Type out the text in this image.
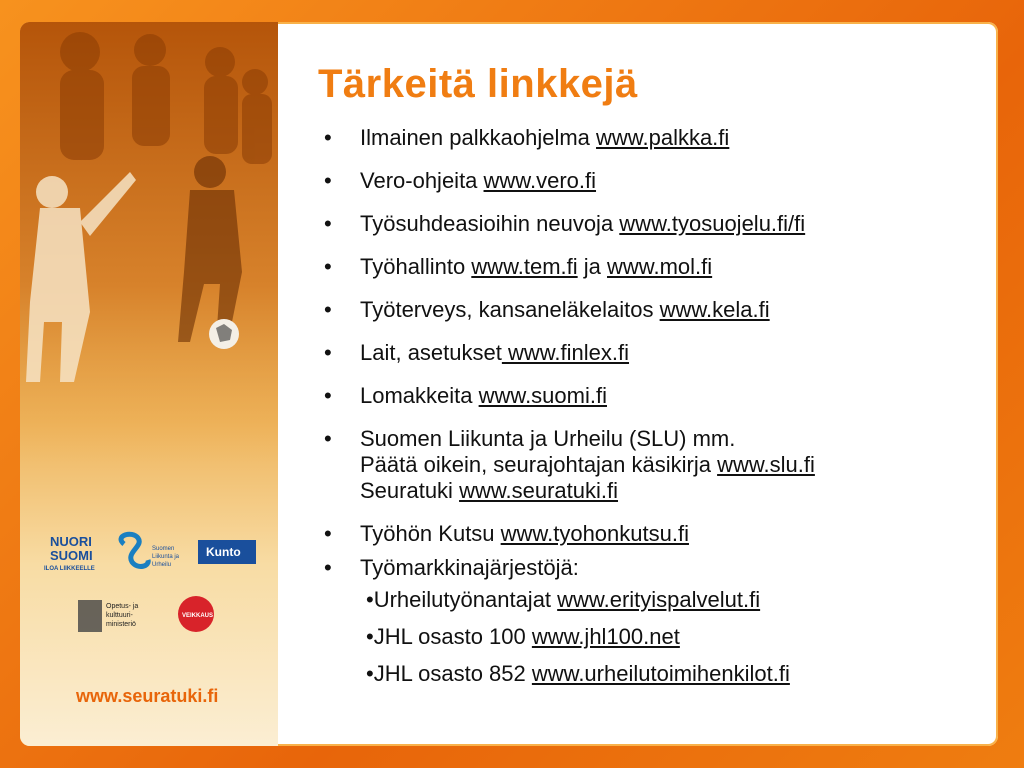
NUORI
SUOMI
ILOA LIIKKEELLE
Suomen
Liikunta ja
Urheilu
Kunto
Opetus- ja
kulttuuri-
ministeriö
VEIKKAUS
www.seuratuki.fi
Tärkeitä linkkejä
• Ilmainen palkkaohjelma www.palkka.fi
• Vero-ohjeita www.vero.fi
• Työsuhdeasioihin neuvoja www.tyosuojelu.fi/fi
• Työhallinto www.tem.fi ja www.mol.fi
• Työterveys, kansaneläkelaitos www.kela.fi
• Lait, asetukset www.finlex.fi
• Lomakkeita www.suomi.fi
• Suomen Liikunta ja Urheilu (SLU) mm.
Päätä oikein, seurajohtajan käsikirja www.slu.fi
Seuratuki www.seuratuki.fi
• Työhön Kutsu www.tyohonkutsu.fi
• Työmarkkinajärjestöjä:
• Urheilutyönantajat www.erityispalvelut.fi
• JHL osasto 100 www.jhl100.net
• JHL osasto 852 www.urheilutoimihenkilot.fi
